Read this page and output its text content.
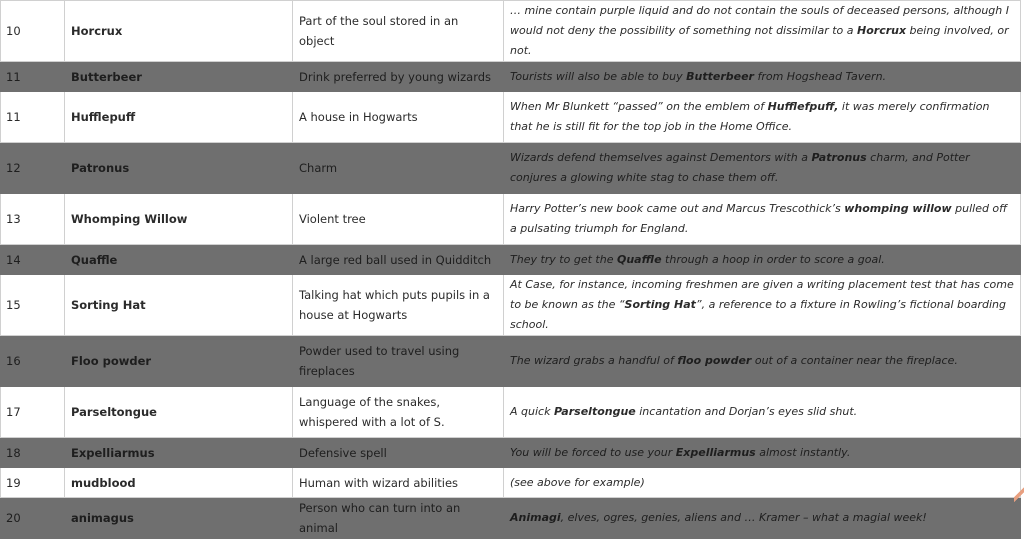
10	Horcrux	Part of the soul stored in an object	… mine contain purple liquid and do not contain the souls of deceased persons, although I would not deny the possibility of something not dissimilar to a Horcrux being involved, or not.
11	Butterbeer	Drink preferred by young wizards	Tourists will also be able to buy Butterbeer from Hogshead Tavern.
11	Hufflepuff	A house in Hogwarts	When Mr Blunkett “passed” on the emblem of Hufflefpuff, it was merely confirmation that he is still fit for the top job in the Home Office.
12	Patronus	Charm	Wizards defend themselves against Dementors with a Patronus charm, and Potter conjures a glowing white stag to chase them off.
13	Whomping Willow	Violent tree	Harry Potter’s new book came out and Marcus Trescothick’s whomping willow pulled off a pulsating triumph for England.
14	Quaffle	A large red ball used in Quidditch	They try to get the Quaffle through a hoop in order to score a goal.
15	Sorting Hat	Talking hat which puts pupils in a house at Hogwarts	At Case, for instance, incoming freshmen are given a writing placement test that has come to be known as the “Sorting Hat”, a reference to a fixture in Rowling’s fictional boarding school.
16	Floo powder	Powder used to travel using fireplaces	The wizard grabs a handful of floo powder out of a container near the fireplace.
17	Parseltongue	Language of the snakes, whispered with a lot of S.	A quick Parseltongue incantation and Dorjan’s eyes slid shut.
18	Expelliarmus	Defensive spell	You will be forced to use your Expelliarmus almost instantly.
19	mudblood	Human with wizard abilities	(see above for example)
20	animagus	Person who can turn into an animal	Animagi, elves, ogres, genies, aliens and … Kramer – what a magial week!
